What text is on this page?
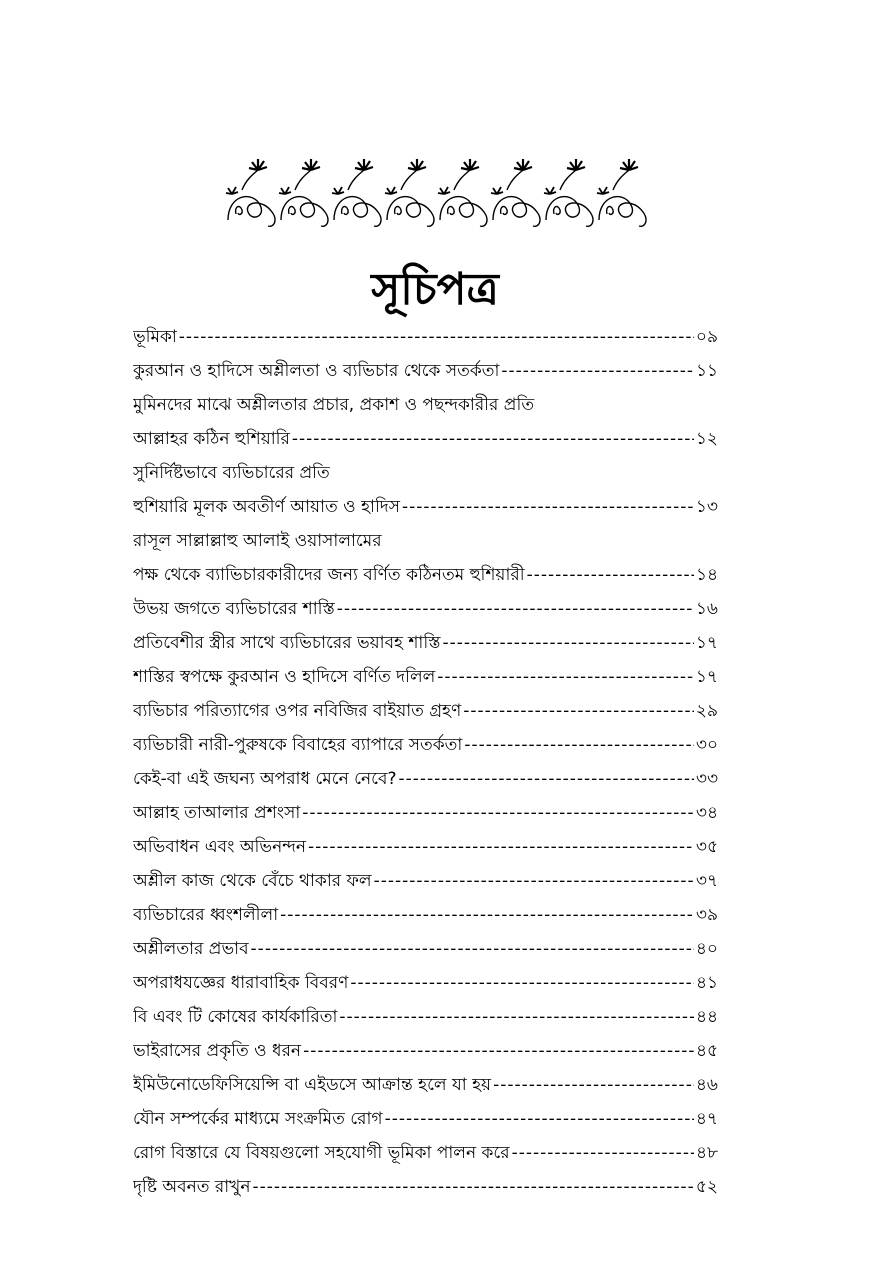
সূচিপত্র
ভূমিকা -----	০৯
কুরআন ও হাদিসে অশ্লীলতা ও ব্যভিচার থেকে সতর্কতা -----	১১
মুমিনদের মাঝে অশ্লীলতার প্রচার, প্রকাশ ও পছন্দকারীর প্রতি
আল্লাহর কঠিন হুশিয়ারি -----	১২
সুনির্দিষ্টভাবে ব্যভিচারের প্রতি
হুশিয়ারি মূলক অবতীর্ণ আয়াত ও হাদিস -----	১৩
রাসূল সাল্লাল্লাহু আলাই ওয়াসালামের
পক্ষ থেকে ব্যাভিচারকারীদের জন্য বর্ণিত কঠিনতম হুশিয়ারী -----	১৪
উভয় জগতে ব্যভিচারের শাস্তি -----	১৬
প্রতিবেশীর স্ত্রীর সাথে ব্যভিচারের ভয়াবহ শাস্তি -----	১৭
শাস্তির স্বপক্ষে কুরআন ও হাদিসে বর্ণিত দলিল -----	১৭
ব্যভিচার পরিত্যাগের ওপর নবিজির বাইয়াত গ্রহণ -----	২৯
ব্যভিচারী নারী-পুরুষকে বিবাহের ব্যাপারে সতর্কতা -----	৩০
কেই-বা এই জঘন্য অপরাধ মেনে নেবে? -----	৩৩
আল্লাহ তাআলার প্রশংসা -----	৩৪
অভিবাধন এবং অভিনন্দন -----	৩৫
অশ্লীল কাজ থেকে বেঁচে থাকার ফল -----	৩৭
ব্যভিচারের ধ্বংশলীলা -----	৩৯
অশ্লীলতার প্রভাব -----	৪০
অপরাধযজ্ঞের ধারাবাহিক বিবরণ -----	৪১
বি এবং টি কোষের কার্যকারিতা -----	৪৪
ভাইরাসের প্রকৃতি ও ধরন -----	৪৫
ইমিউনোডেফিসিয়েন্সি বা এইডসে আক্রান্ত হলে যা হয় -----	৪৬
যৌন সম্পর্কের মাধ্যমে সংক্রমিত রোগ -----	৪৭
রোগ বিস্তারে যে বিষয়গুলো সহযোগী ভূমিকা পালন করে -----	৪৮
দৃষ্টি অবনত রাখুন -----	৫২
